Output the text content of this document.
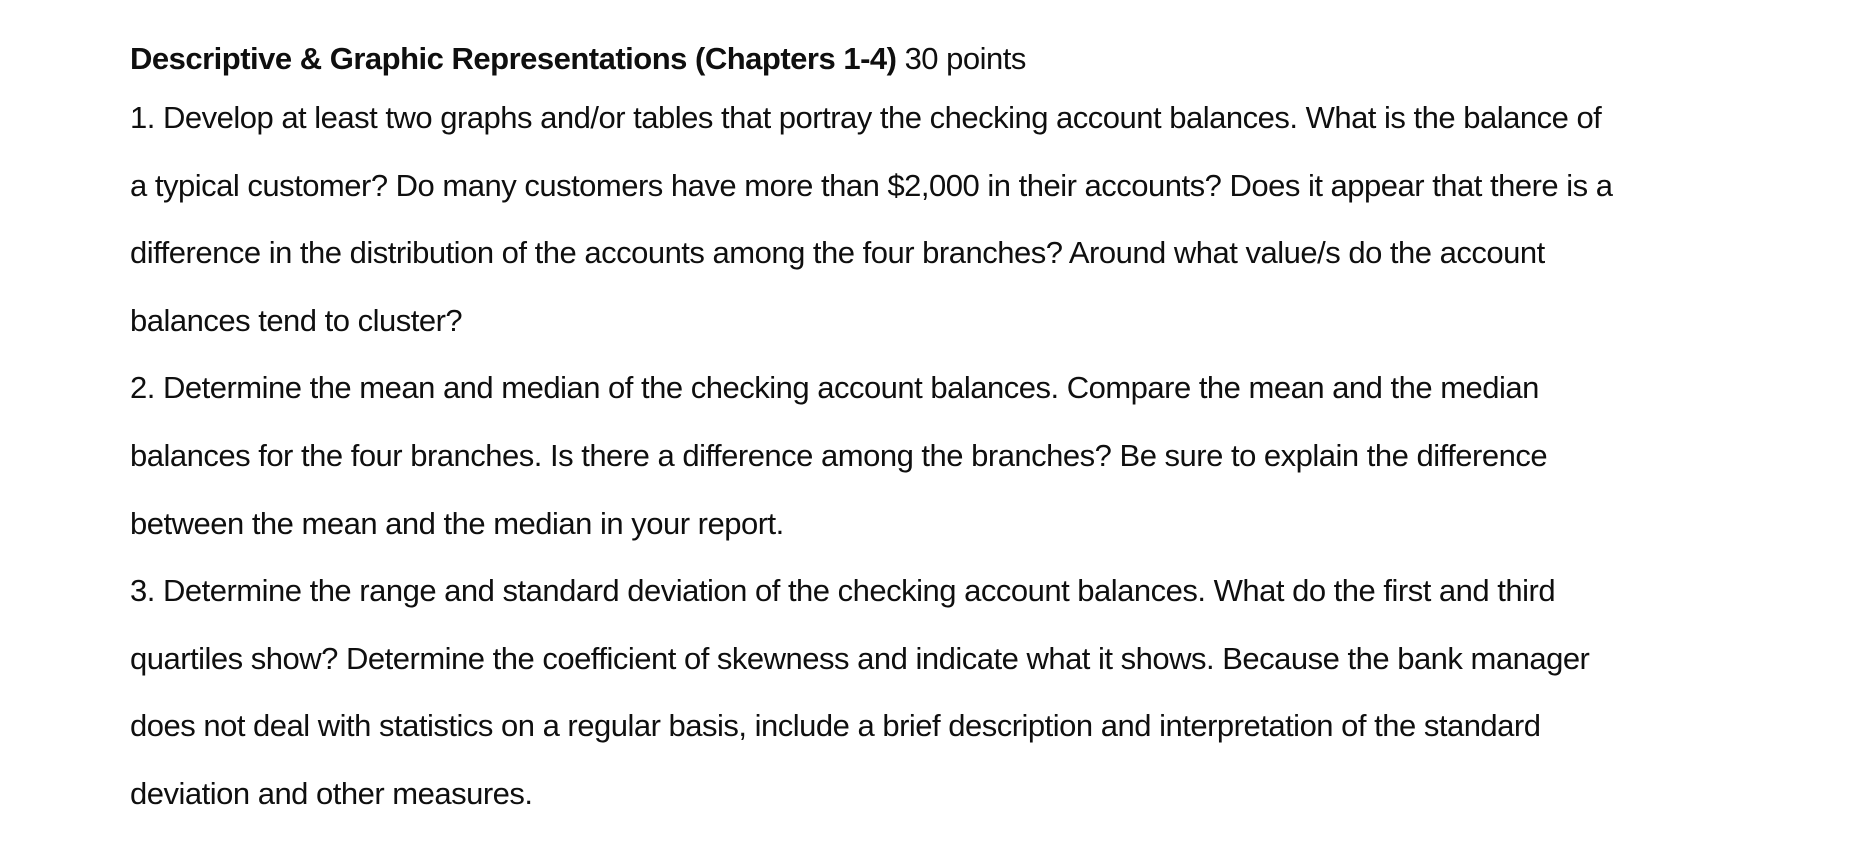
Descriptive & Graphic Representations (Chapters 1-4) 30 points

1. Develop at least two graphs and/or tables that portray the checking account balances. What is the balance of
a typical customer? Do many customers have more than $2,000 in their accounts? Does it appear that there is a
difference in the distribution of the accounts among the four branches? Around what value/s do the account
balances tend to cluster?

2. Determine the mean and median of the checking account balances. Compare the mean and the median
balances for the four branches. Is there a difference among the branches? Be sure to explain the difference
between the mean and the median in your report.

3. Determine the range and standard deviation of the checking account balances. What do the first and third
quartiles show? Determine the coefficient of skewness and indicate what it shows. Because the bank manager
does not deal with statistics on a regular basis, include a brief description and interpretation of the standard
deviation and other measures.
